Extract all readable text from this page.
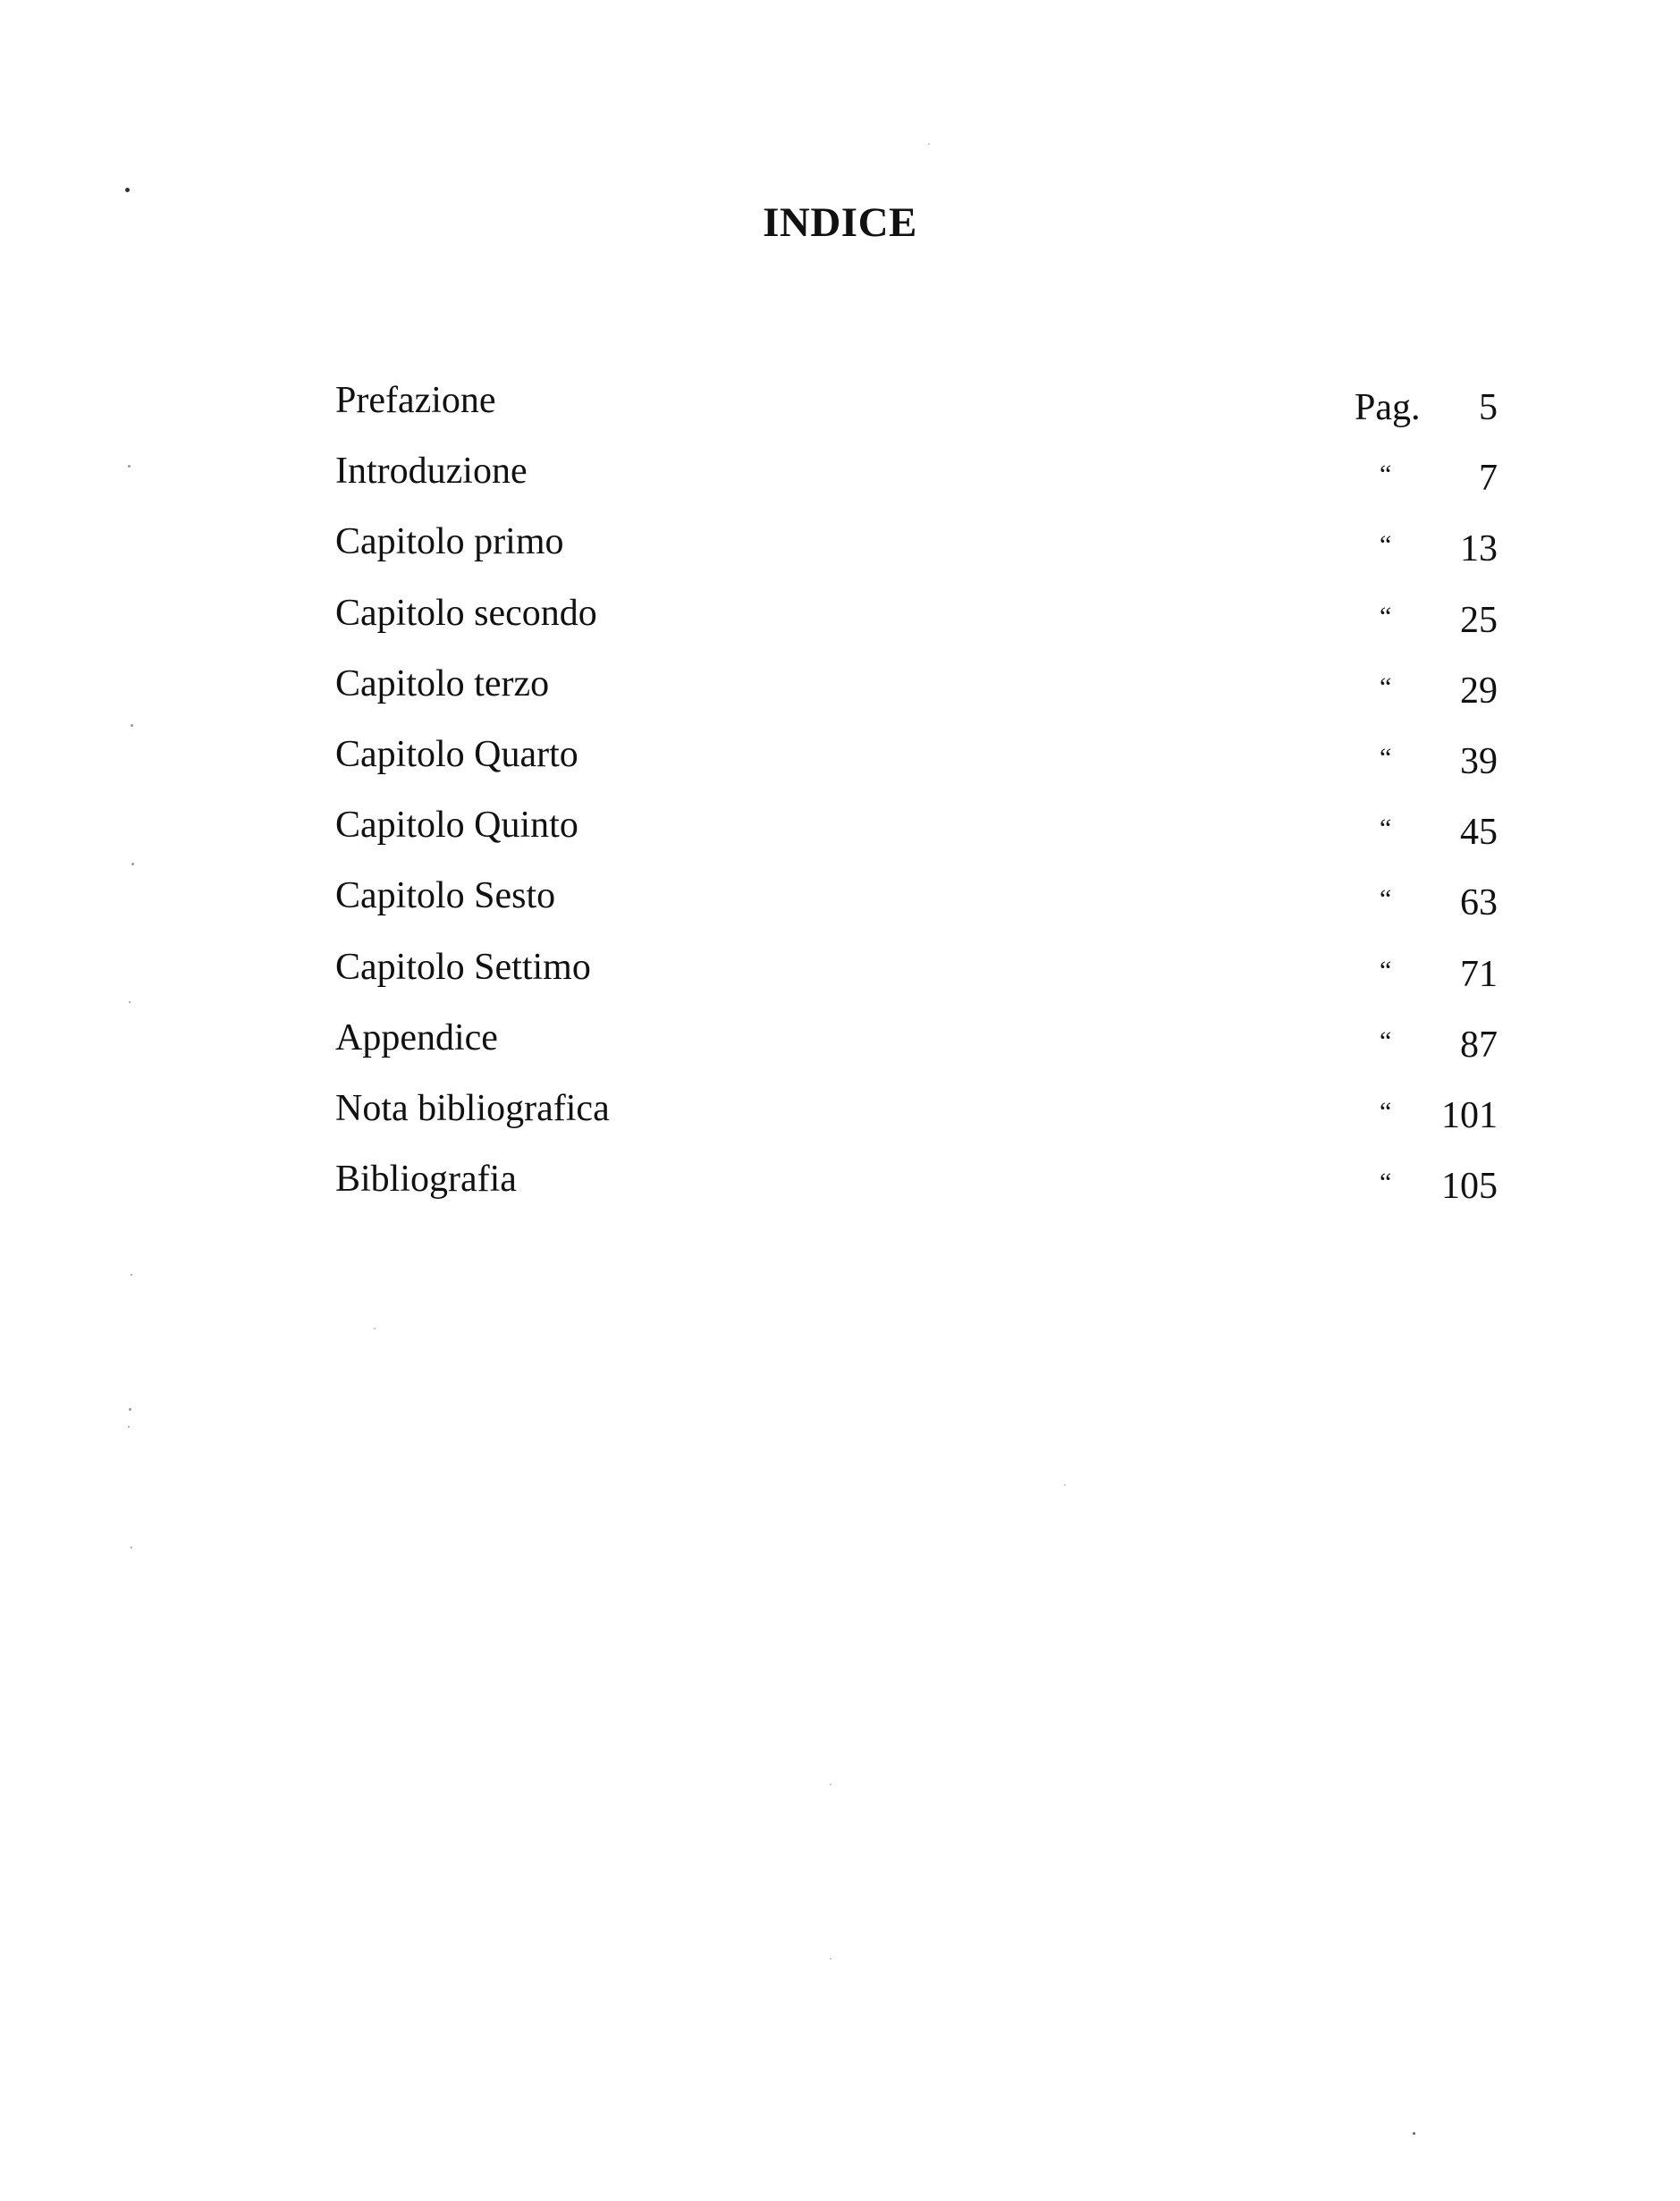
INDICE
Prefazione	Pag.	5
Introduzione	“	7
Capitolo primo	“	13
Capitolo secondo	“	25
Capitolo terzo	“	29
Capitolo Quarto	“	39
Capitolo Quinto	“	45
Capitolo Sesto	“	63
Capitolo Settimo	“	71
Appendice	“	87
Nota bibliografica	“	101
Bibliografia	“	105
